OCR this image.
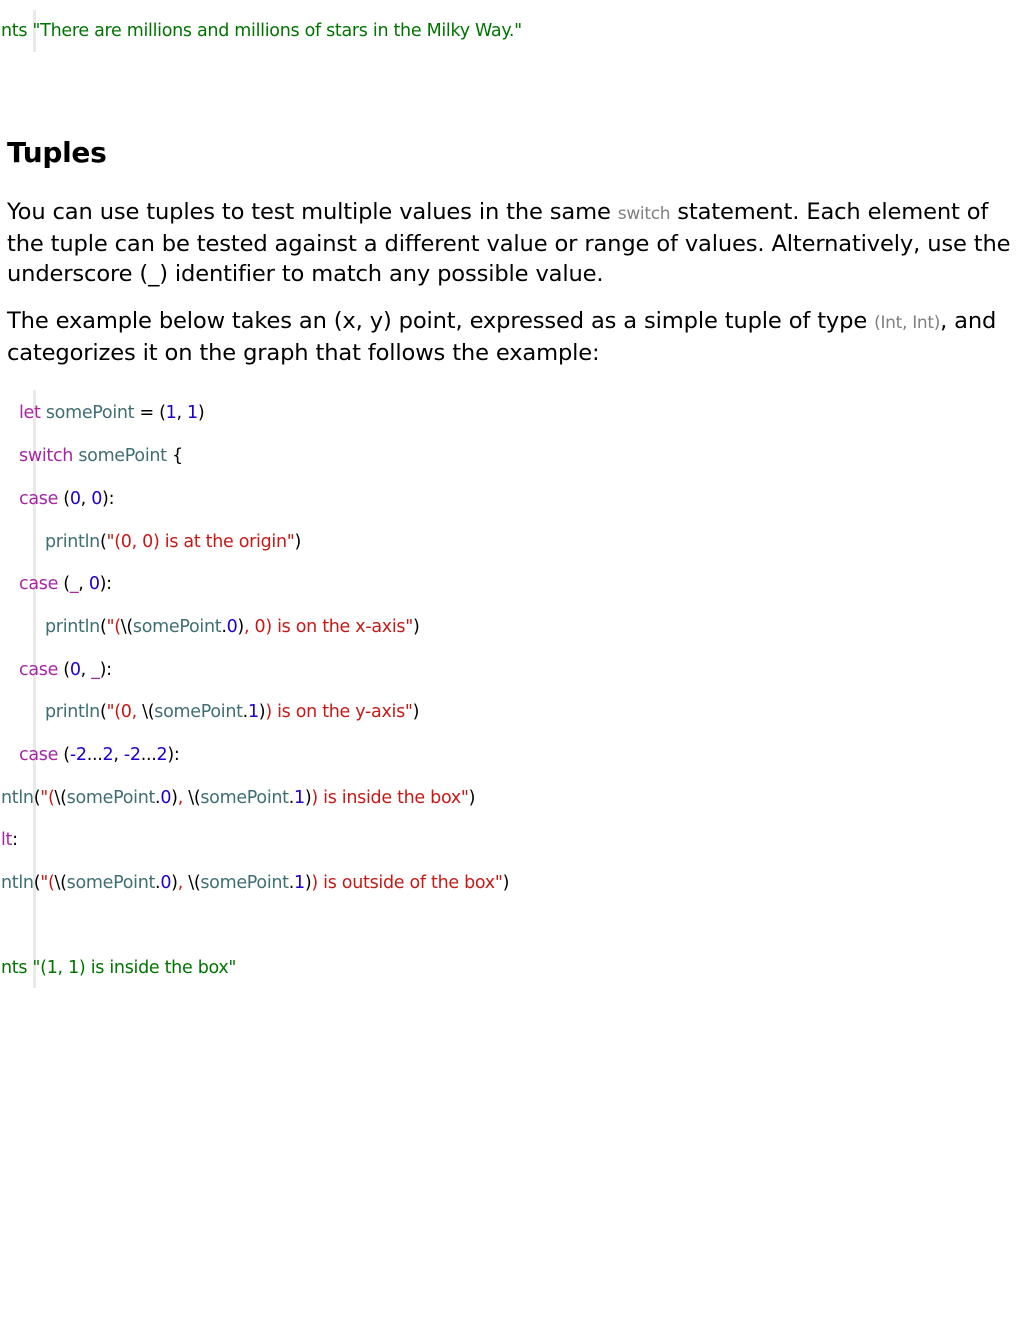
nts "There are millions and millions of stars in the Milky Way."
Tuples

You can use tuples to test multiple values in the same switch statement. Each element of the tuple can be tested against a different value or range of values. Alternatively, use the underscore (_) identifier to match any possible value.

The example below takes an (x, y) point, expressed as a simple tuple of type (Int, Int), and categorizes it on the graph that follows the example:

let somePoint = (1, 1)
switch somePoint {
case (0, 0):
println("(0, 0) is at the origin")
case (_, 0):
println("(\(somePoint.0), 0) is on the x-axis")
case (0, _):
println("(0, \(somePoint.1)) is on the y-axis")
case (-2...2, -2...2):
ntln("(\(somePoint.0), \(somePoint.1)) is inside the box")
lt:
ntln("(\(somePoint.0), \(somePoint.1)) is outside of the box")
nts "(1, 1) is inside the box"
